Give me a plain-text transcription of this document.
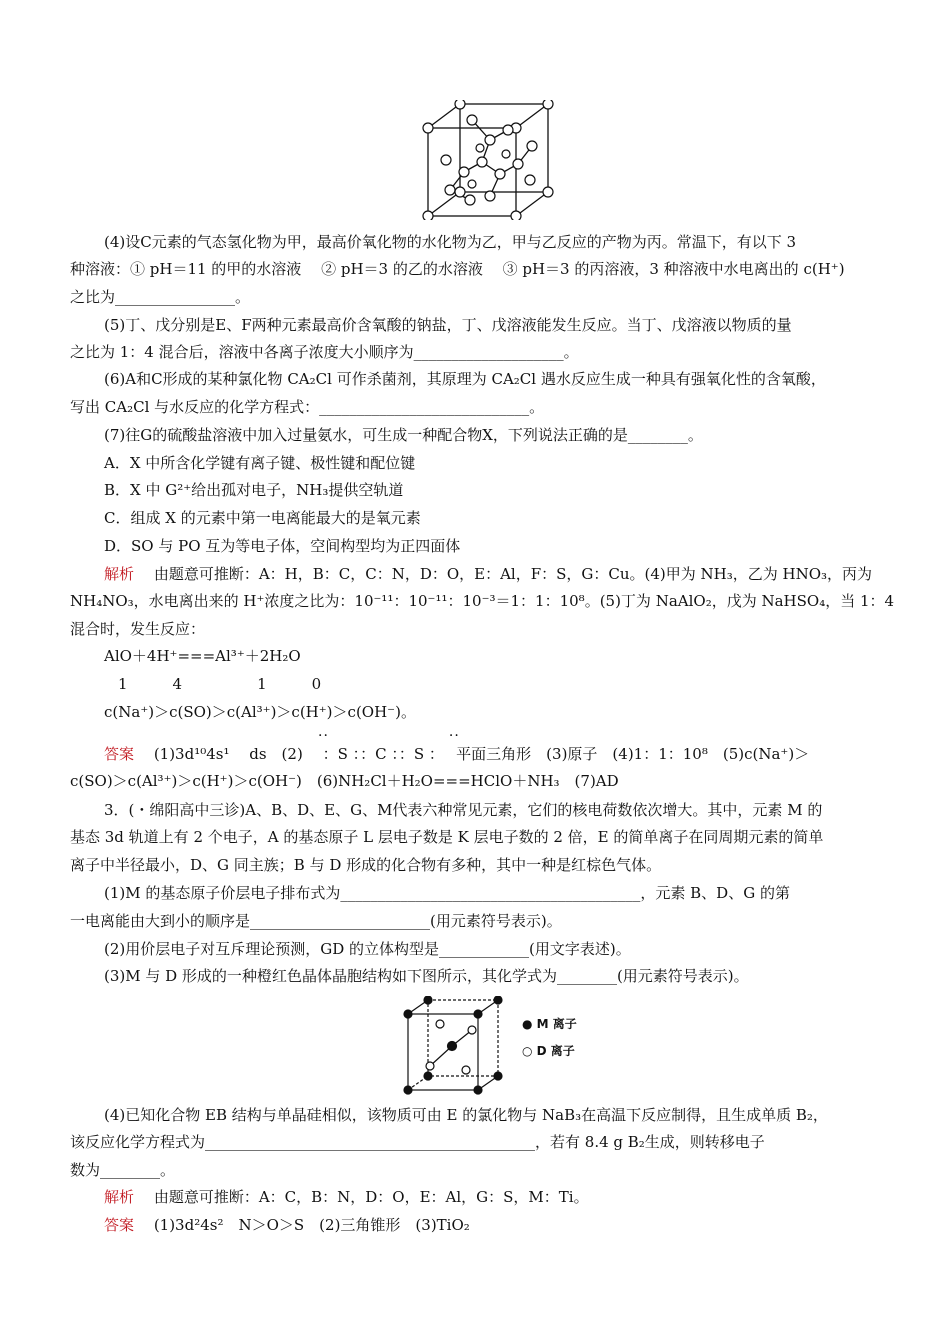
(4)设C元素的气态氢化物为甲，最高价氧化物的水化物为乙，甲与乙反应的产物为丙。常温下，有以下 3
种溶液：① pH＝11 的甲的水溶液　 ② pH＝3 的乙的水溶液　 ③ pH＝3 的丙溶液，3 种溶液中水电离出的 c(H⁺)
之比为________________。
(5)丁、戊分别是E、F两种元素最高价含氧酸的钠盐，丁、戊溶液能发生反应。当丁、戊溶液以物质的量
之比为 1：4 混合后，溶液中各离子浓度大小顺序为____________________。
(6)A和C形成的某种氯化物 CA₂Cl 可作杀菌剂，其原理为 CA₂Cl 遇水反应生成一种具有强氧化性的含氧酸，
写出 CA₂Cl 与水反应的化学方程式：____________________________。
(7)往G的硫酸盐溶液中加入过量氨水，可生成一种配合物X，下列说法正确的是________。
A．X 中所含化学键有离子键、极性键和配位键
B．X 中 G²⁺给出孤对电子，NH₃提供空轨道
C．组成 X 的元素中第一电离能最大的是氧元素
D．SO 与 PO 互为等电子体，空间构型均为正四面体
解析 　 由题意可推断：A：H，B：C，C：N，D：O，E：Al，F：S，G：Cu。(4)甲为 NH₃，乙为 HNO₃，丙为
NH₄NO₃，水电离出来的 H⁺浓度之比为：10⁻¹¹：10⁻¹¹：10⁻³＝1：1：10⁸。(5)丁为 NaAlO₂，戊为 NaHSO₄，当 1：4
混合时，发生反应：
AlO＋4H⁺===Al³⁺＋2H₂O
1　　　4　　　　　1　　　0
c(Na⁺)＞c(SO)＞c(Al³⁺)＞c(H⁺)＞c(OH⁻)。
··　　　　　　　　··
答案 　 (1)3d¹⁰4s¹　 ds　(2)　 ：S ：：C ：：S ：　 平面三角形　(3)原子　(4)1：1：10⁸　(5)c(Na⁺)＞
c(SO)＞c(Al³⁺)＞c(H⁺)＞c(OH⁻)　(6)NH₂Cl＋H₂O===HClO＋NH₃　(7)AD
3．(・绵阳高中三诊)A、B、D、E、G、M代表六种常见元素，它们的核电荷数依次增大。其中，元素 M 的
基态 3d 轨道上有 2 个电子，A 的基态原子 L 层电子数是 K 层电子数的 2 倍，E 的简单离子在同周期元素的简单
离子中半径最小，D、G 同主族；B 与 D 形成的化合物有多种，其中一种是红棕色气体。
(1)M 的基态原子价层电子排布式为________________________________________，元素 B、D、G 的第
一电离能由大到小的顺序是________________________(用元素符号表示)。
(2)用价层电子对互斥理论预测，GD 的立体构型是____________(用文字表述)。
(3)M 与 D 形成的一种橙红色晶体晶胞结构如下图所示，其化学式为________(用元素符号表示)。
● M 离子
○ D 离子
(4)已知化合物 EB 结构与单晶硅相似，该物质可由 E 的氯化物与 NaB₃在高温下反应制得，且生成单质 B₂，
该反应化学方程式为____________________________________________，若有 8.4 g B₂生成，则转移电子
数为________。
解析 　 由题意可推断：A：C，B：N，D：O，E：Al，G：S，M：Ti。
答案 　 (1)3d²4s²　N＞O＞S　(2)三角锥形　(3)TiO₂
